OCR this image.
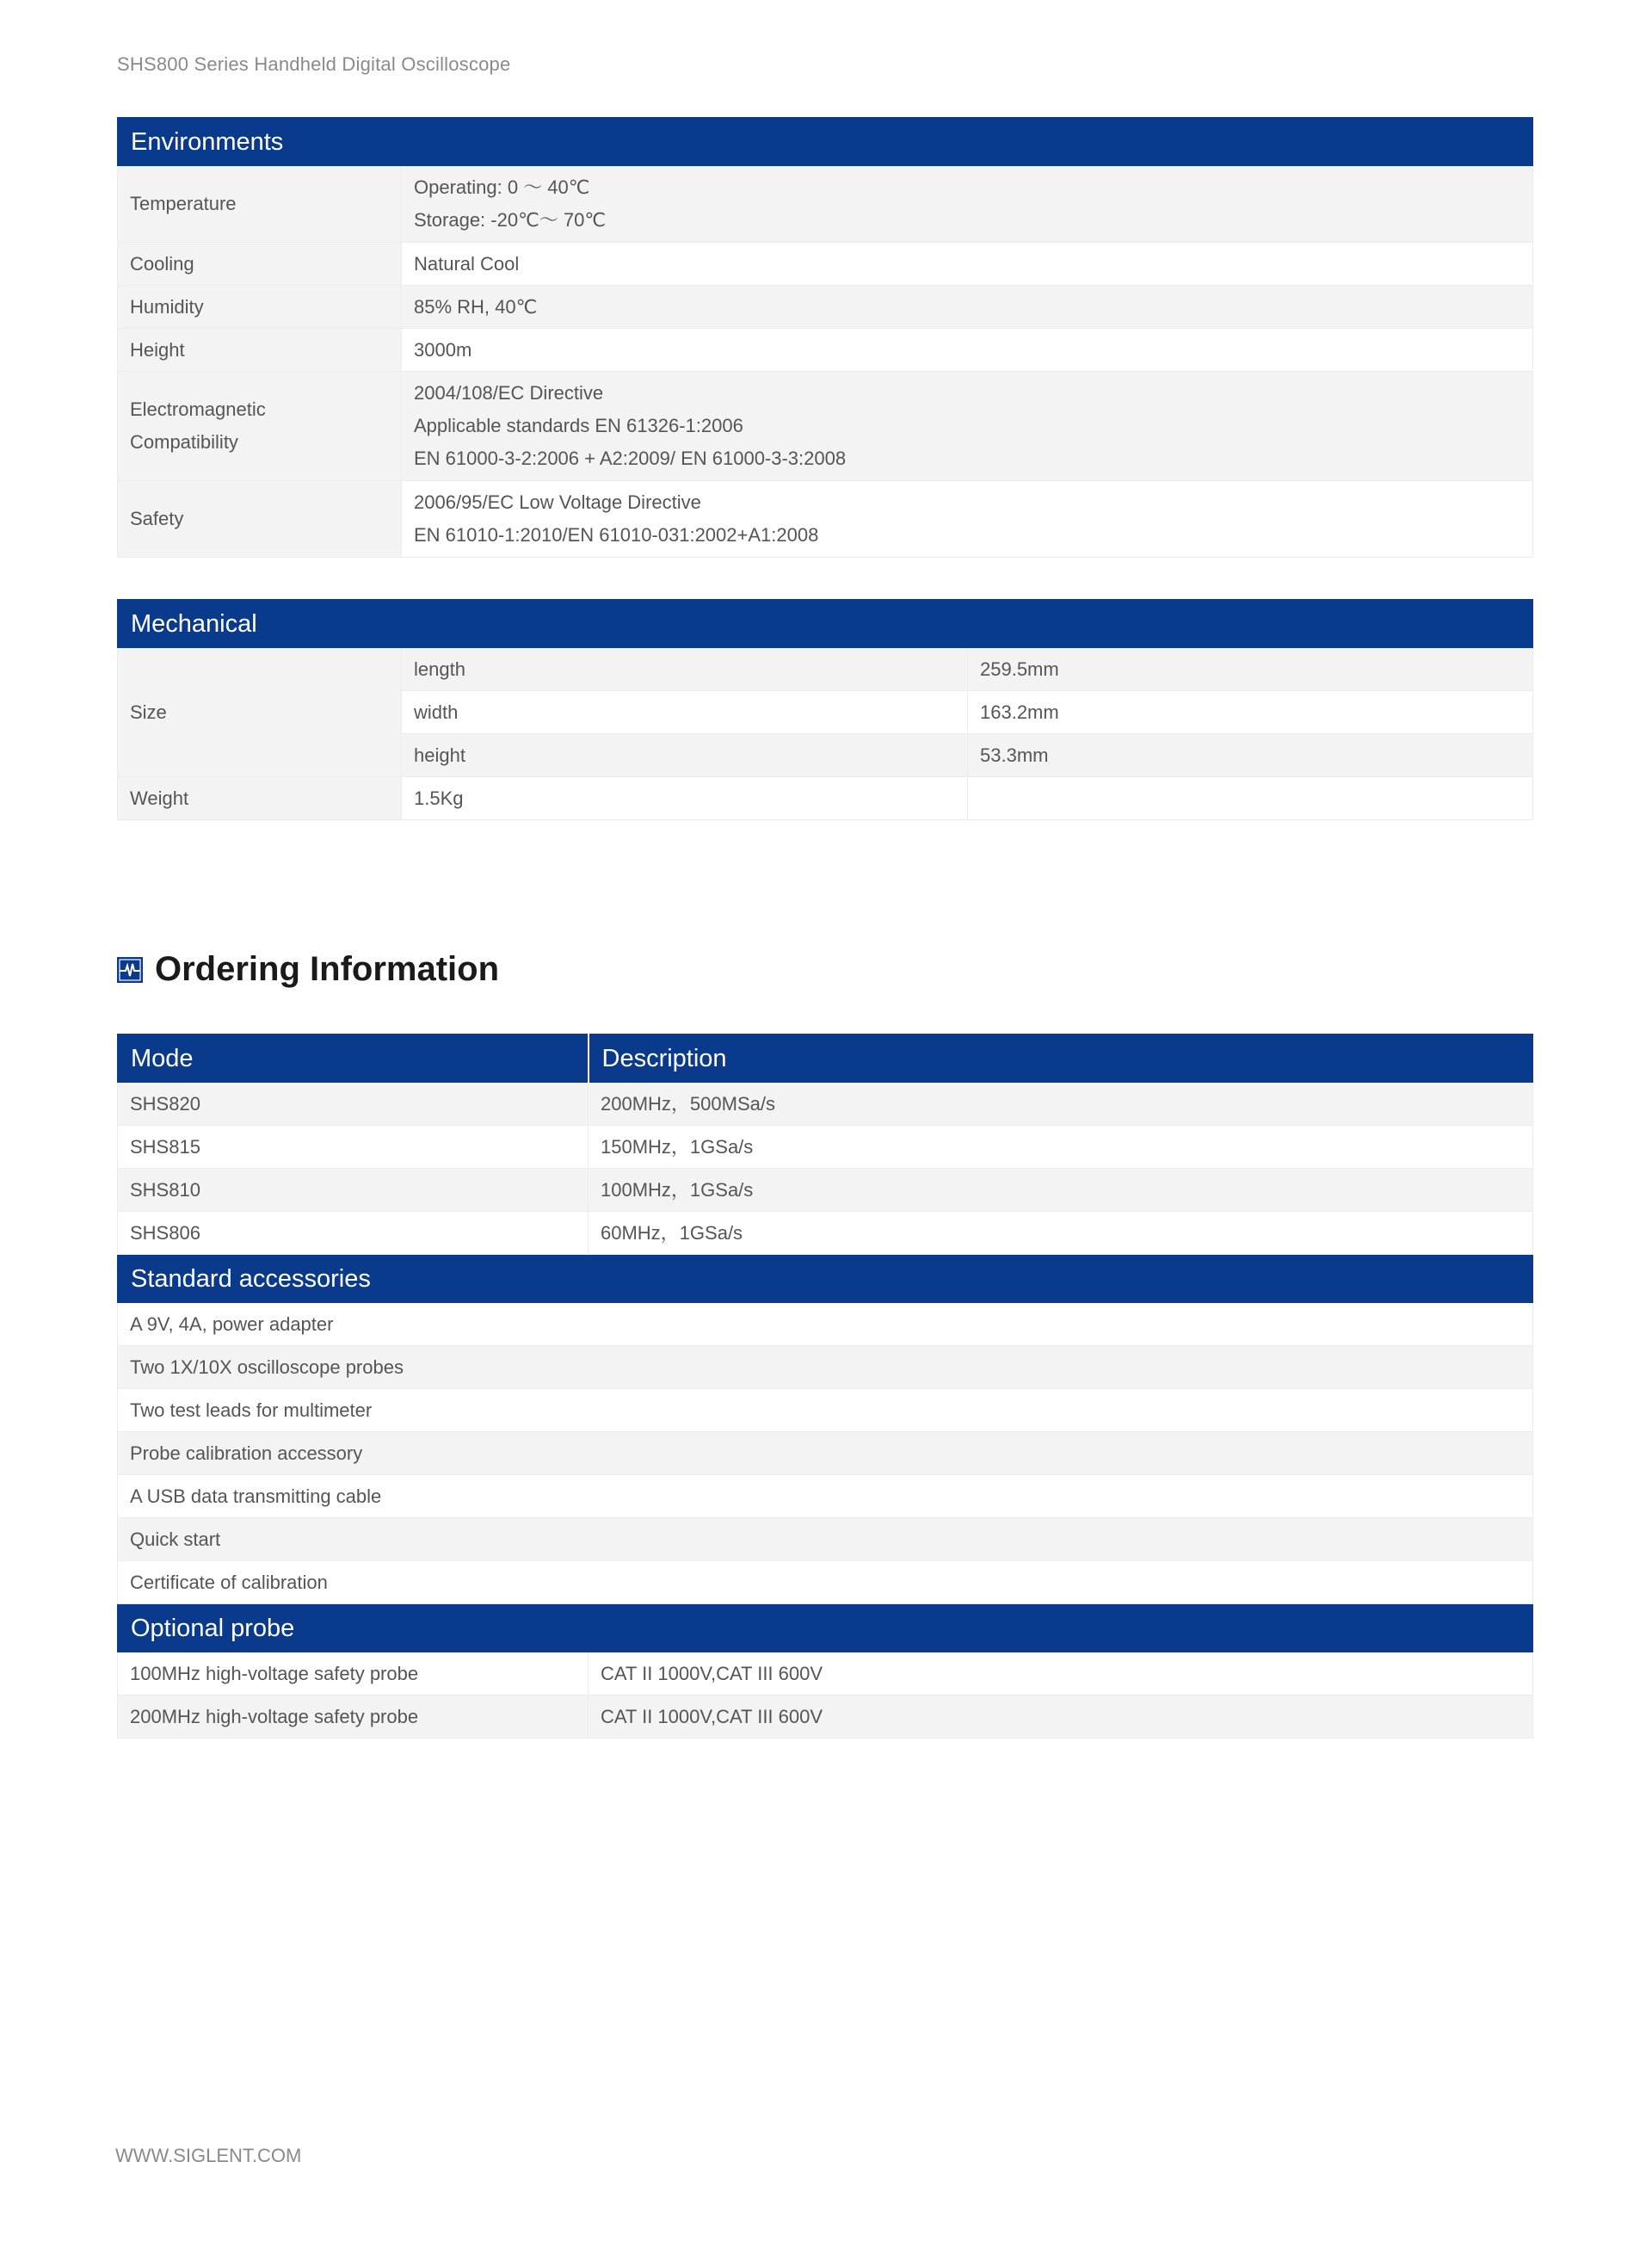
SHS800 Series Handheld Digital Oscilloscope
Environments	
Temperature	Operating: 0 ～ 40℃
Storage: -20℃～ 70℃

Cooling	Natural Cool
Humidity	85% RH, 40℃
Height	3000m

Electromagnetic
Compatibility	2004/108/EC Directive
Applicable standards EN 61326-1:2006
EN 61000-3-2:2006 + A2:2009/ EN 61000-3-3:2008

Safety	2006/95/EC Low Voltage Directive
EN 61010-1:2010/EN 61010-031:2002+A1:2008
Mechanical		
Size	length	259.5mm
	width	163.2mm
	height	53.3mm
Weight	1.5Kg	
Ordering Information
Mode	Description
SHS820	200MHz，500MSa/s
SHS815	150MHz，1GSa/s
SHS810	100MHz，1GSa/s
SHS806	60MHz，1GSa/s
Standard accessories	
A 9V, 4A, power adapter	
Two 1X/10X oscilloscope probes	
Two test leads for multimeter	
Probe calibration accessory	
A USB data transmitting cable	
Quick start	
Certificate of calibration	
Optional probe	
100MHz high-voltage safety probe	CAT II 1000V,CAT III 600V
200MHz high-voltage safety probe	CAT II 1000V,CAT III 600V
WWW.SIGLENT.COM
